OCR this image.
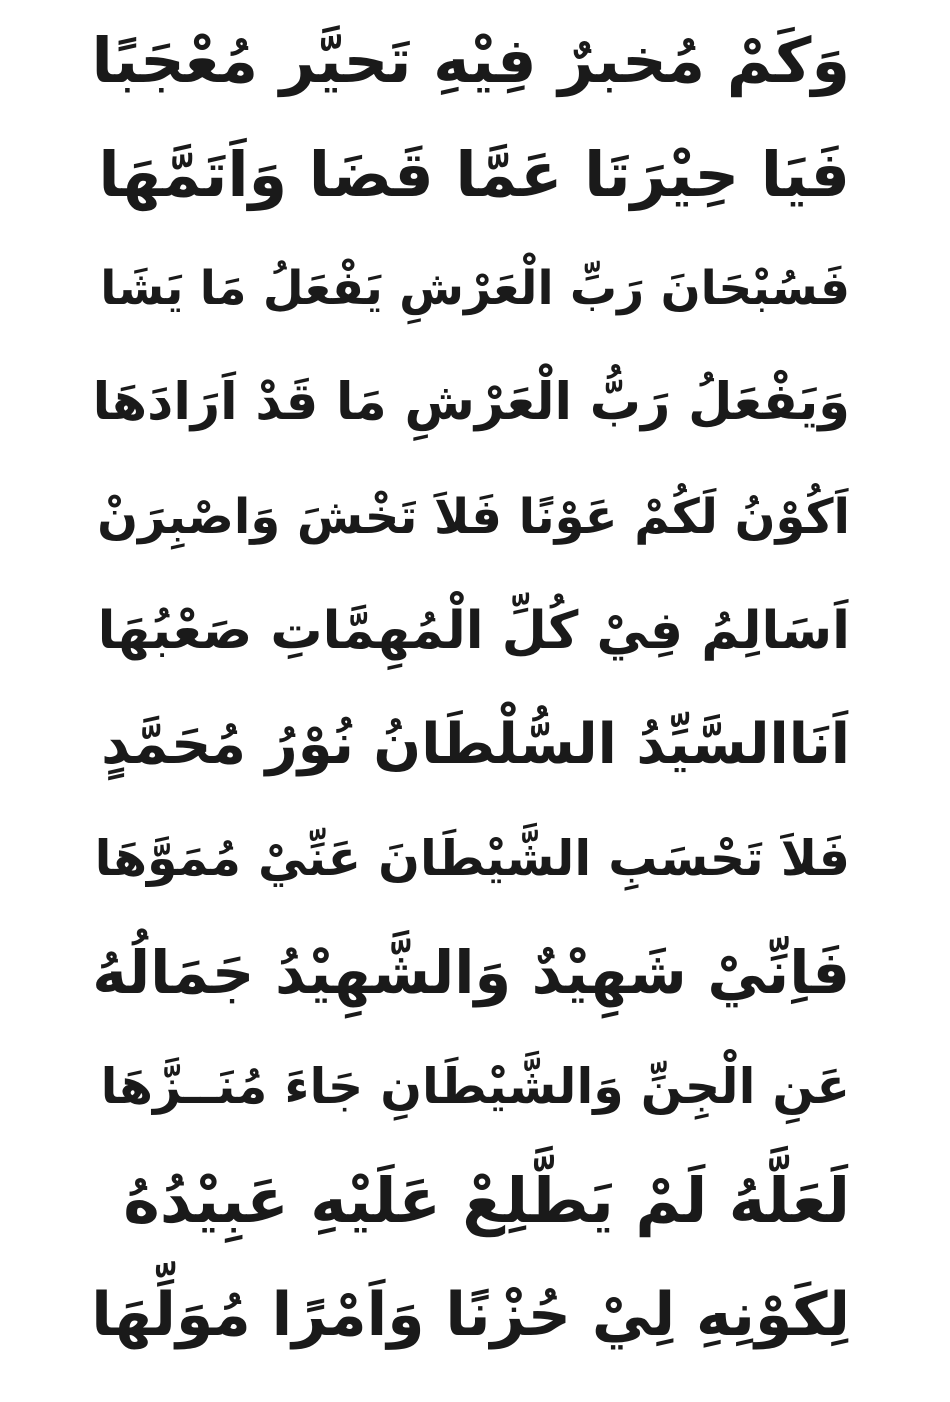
وَكَمْ مُخبرٌ فِيْهِ تَحيَّر مُعْجَبًا
فَيَا حِيْرَتَا عَمَّا قَضَا وَاَتَمَّهَا
فَسُبْحَانَ رَبِّ الْعَرْشِ يَفْعَلُ مَا يَشَا
وَيَفْعَلُ رَبُّ الْعَرْشِ مَا قَدْ اَرَادَهَا
اَكُوْنُ لَكُمْ عَوْنًا فَلاَ تَخْشَ وَاصْبِرَنْ
اَسَالِمُ فِيْ كُلِّ الْمُهِمَّاتِ صَعْبُهَا
اَنَاالسَّيِّدُ السُّلْطَانُ نُوْرُ مُحَمَّدٍ
فَلاَ تَحْسَبِ الشَّيْطَانَ عَنِّيْ مُمَوَّهَا
فَاِنِّيْ شَهِيْدٌ وَالشَّهِيْدُ جَمَالُهُ
عَنِ الْجِنِّ وَالشَّيْطَانِ جَاءَ مُنَــزَّهَا
لَعَلَّهُ لَمْ يَطَّلِعْ عَلَيْهِ عَبِيْدُهُ
لِكَوْنِهِ لِيْ حُزْنًا وَاَمْرًا مُوَلِّهَا
